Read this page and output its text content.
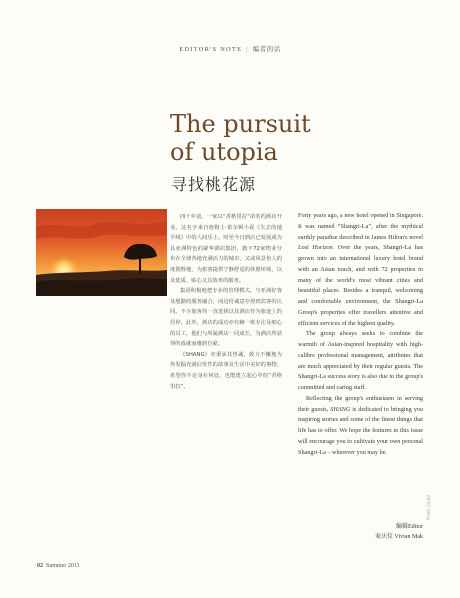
EDITOR'S NOTE | 编者的话
The pursuit
of utopia
寻找桃花源

四十年前，一家以“香格里拉”命名的酒店开业。这名字来自詹姆士·希尔顿小说《失去的地平线》中的人间乐土。时至今日酒店已发展成为具亚洲特色的豪华酒店集团，旗下72家物业分布在全球各地充满活力的城市，又或风景怡人的度假胜地，为旅客提供宁静舒适的休憩环境，以及优质、贴心又具效率的服务。

集团积极地把专业的管理模式，与亚洲好客及殷勤的服务融合，而这份诚意亦得到宾客的认同。不少旅客均一直选择以其酒店作为旅途上的居停。此外，酒店的成功亦有赖一班专注及细心的员工，他们与所属酒店一同成长，为酒店所获得的成就而感到自豪。

《SHANG》亦秉承其热诚，致力不懈地为你发掘充满启发性的故事及生活中美好的事物，希望你不论身在何处，也能建立起心中的“香格里拉”。

Forty years ago, a new hotel opened in Singapore. It was named “Shangri-La”, after the mythical earthly paradise described in James Hilton's novel Lost Horizon. Over the years, Shangri-La has grown into an international luxury hotel brand with an Asian touch, and with 72 properties in many of the world's most vibrant cities and beautiful places. Besides a tranquil, welcoming and comfortable environment, the Shangri-La Group's properties offer travellers attentive and efficient services of the highest quality.

The group always seeks to combine the warmth of Asian-inspired hospitality with high-calibre professional management, attributes that are much appreciated by their regular guests. The Shangri-La success story is also due to the group's committed and caring staff.

Reflecting the group's enthusiasm in serving their guests, SHANG is dedicated to bringing you inspiring stories and some of the finest things that life has to offer. We hope the features in this issue will encourage you to cultivate your own personal Shangri-La – wherever you may be.

编辑Editor
麦庆仪 Vivian Mak
Photo Corbis
02 Summer 2011
